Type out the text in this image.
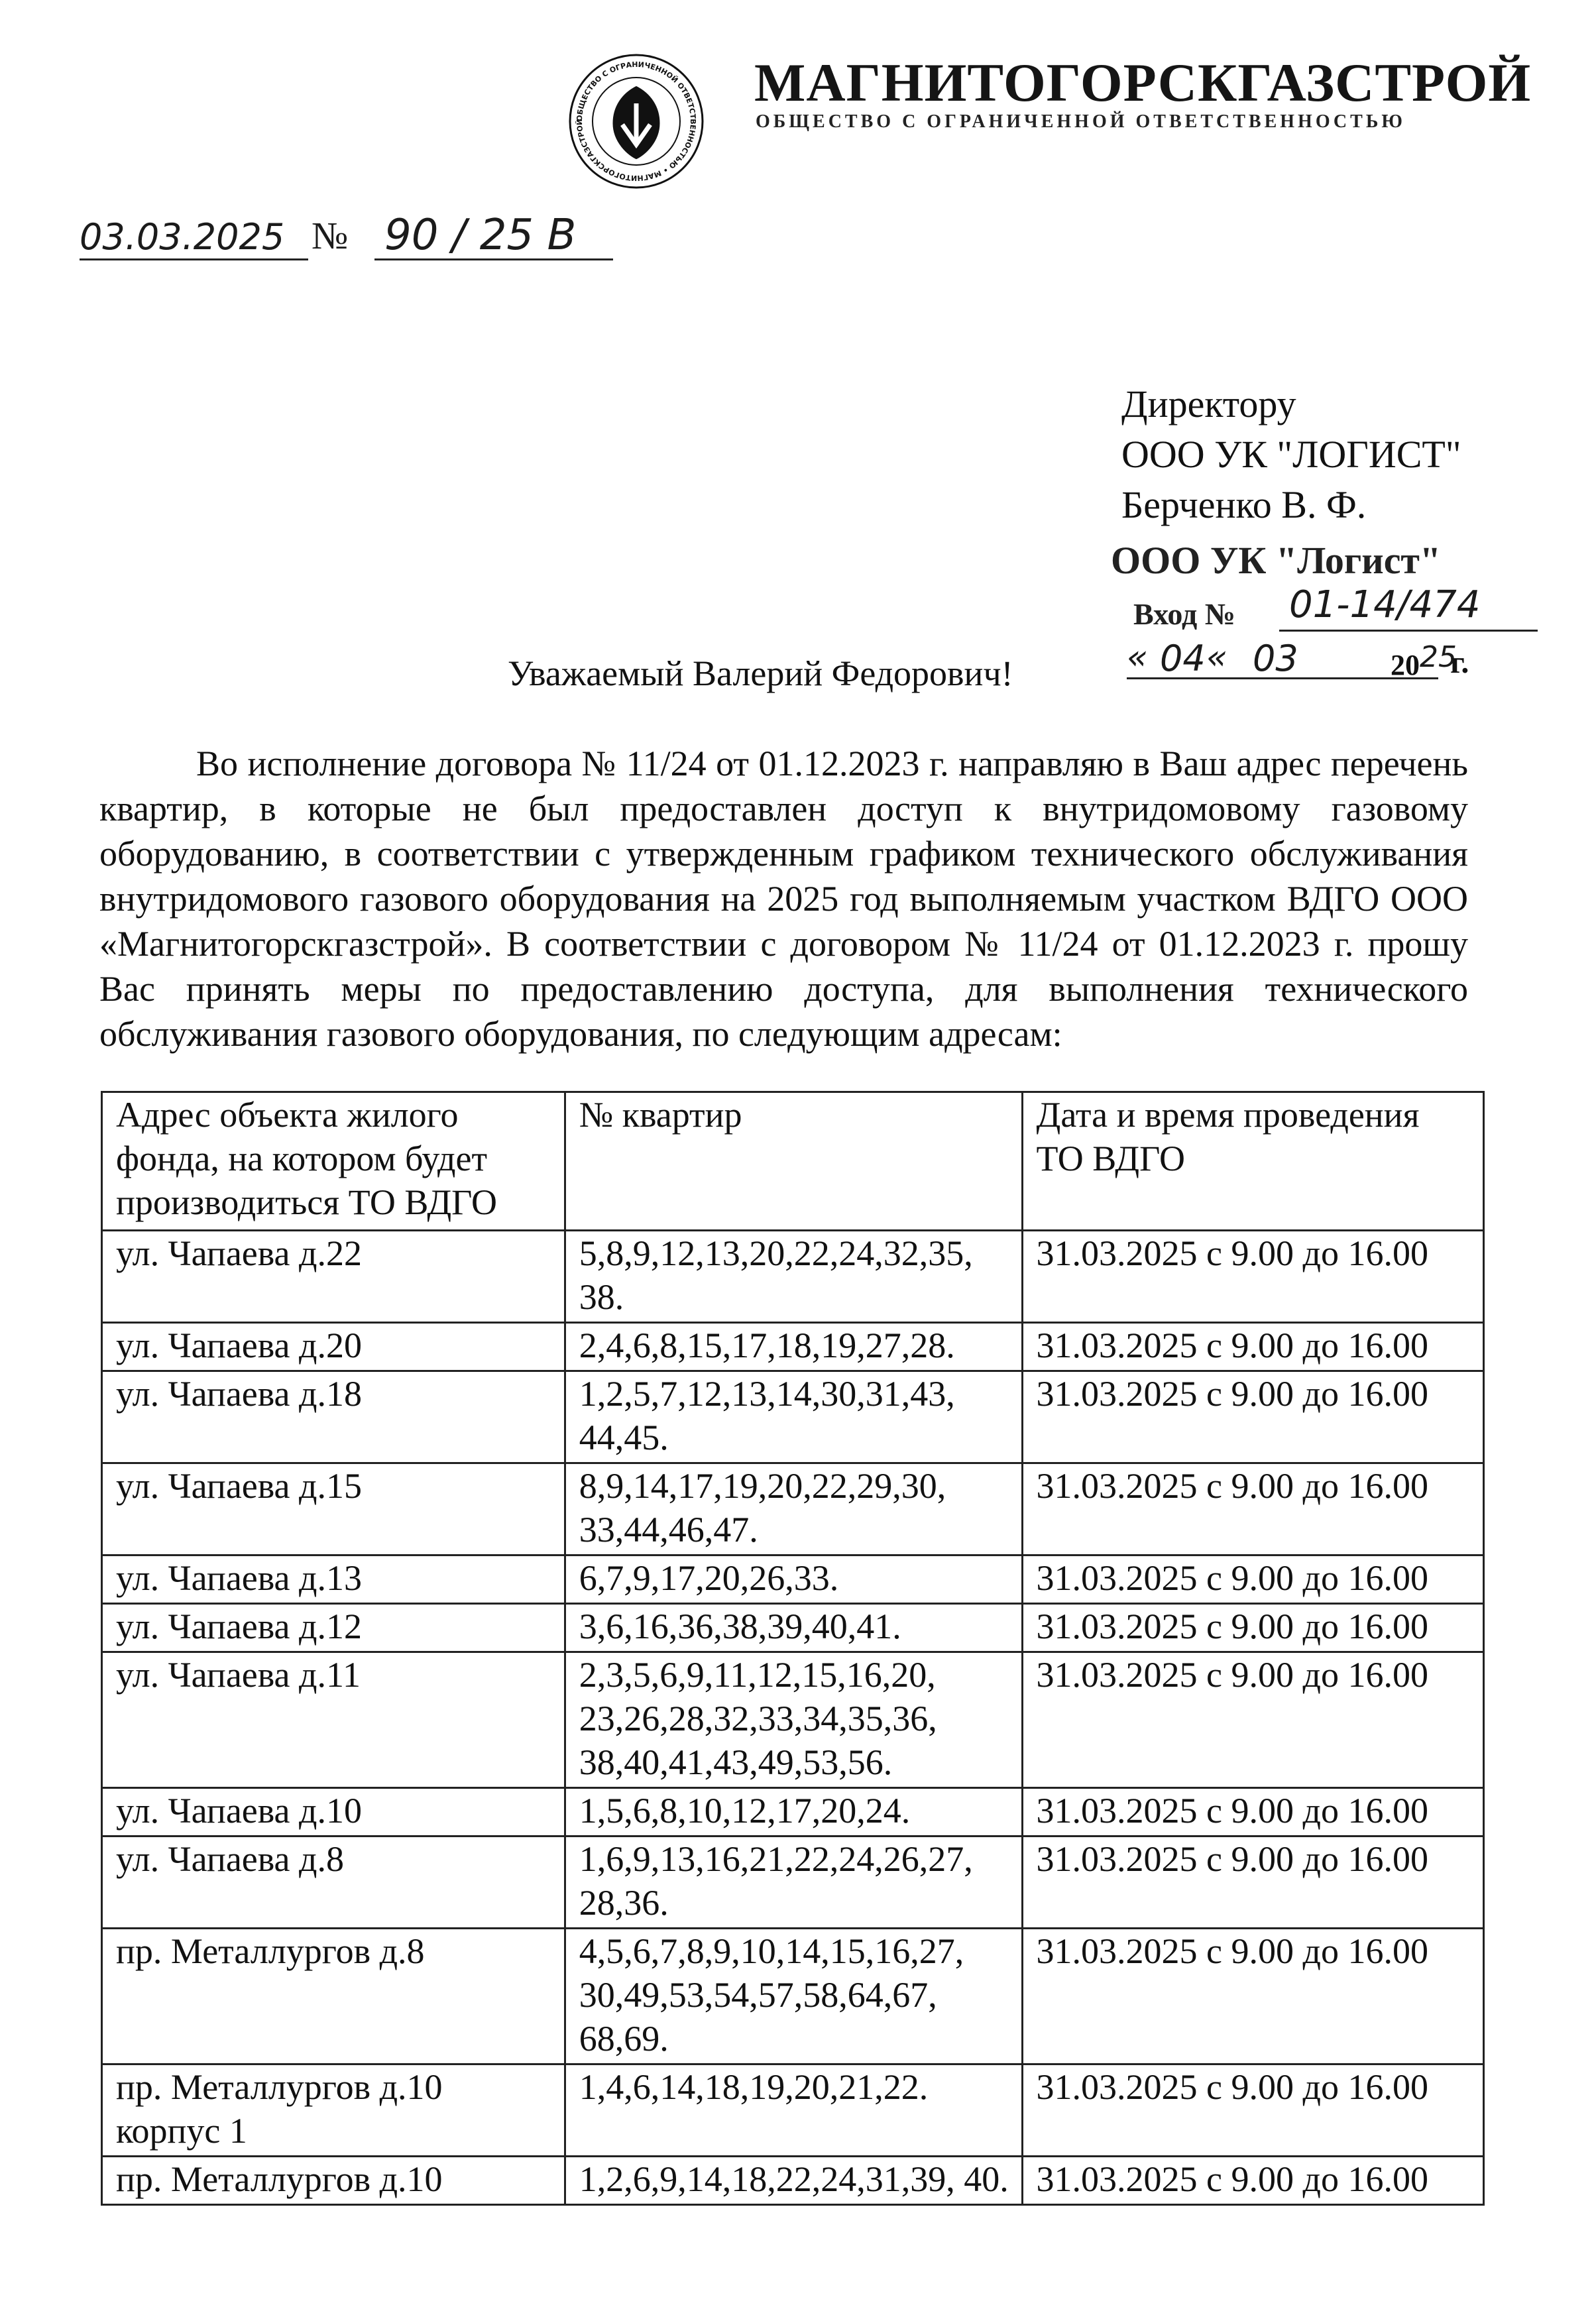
ОБЩЕСТВО С ОГРАНИЧЕННОЙ ОТВЕТСТВЕННОСТЬЮ • МАГНИТОГОРСКГАЗСТРОЙ
МАГНИТОГОРСКГАЗСТРОЙ
ОБЩЕСТВО С ОГРАНИЧЕННОЙ ОТВЕТСТВЕННОСТЬЮ
03.03.2025 № 90 / 25 В
Директору
ООО УК "ЛОГИСТ"
Берченко В. Ф.
ООО УК "Логист"
Вход № 01-14/474
« 04 « 03	20 25
г.
Уважаемый Валерий Федорович!
Во исполнение договора № 11/24 от 01.12.2023 г. направляю в Ваш адрес перечень квартир, в которые не был предоставлен доступ к внутридомовому газовому оборудованию, в соответствии с утвержденным графиком технического обслуживания внутридомового газового оборудования на 2025 год выполняемым участком ВДГО ООО «Магнитогорскгазстрой». В соответствии с договором № 11/24 от 01.12.2023 г. прошу Вас принять меры по предоставлению доступа, для выполнения технического обслуживания газового оборудования, по следующим адресам:
Адрес объекта жилого фонда, на котором будет производиться ТО ВДГО	№ квартир	Дата и время проведения ТО ВДГО
ул. Чапаева д.22	5,8,9,12,13,20,22,24,32,35, 38.	31.03.2025 с 9.00 до 16.00
ул. Чапаева д.20	2,4,6,8,15,17,18,19,27,28.	31.03.2025 с 9.00 до 16.00
ул. Чапаева д.18	1,2,5,7,12,13,14,30,31,43, 44,45.	31.03.2025 с 9.00 до 16.00
ул. Чапаева д.15	8,9,14,17,19,20,22,29,30, 33,44,46,47.	31.03.2025 с 9.00 до 16.00
ул. Чапаева д.13	6,7,9,17,20,26,33.	31.03.2025 с 9.00 до 16.00
ул. Чапаева д.12	3,6,16,36,38,39,40,41.	31.03.2025 с 9.00 до 16.00
ул. Чапаева д.11	2,3,5,6,9,11,12,15,16,20, 23,26,28,32,33,34,35,36, 38,40,41,43,49,53,56.	31.03.2025 с 9.00 до 16.00
ул. Чапаева д.10	1,5,6,8,10,12,17,20,24.	31.03.2025 с 9.00 до 16.00
ул. Чапаева д.8	1,6,9,13,16,21,22,24,26,27, 28,36.	31.03.2025 с 9.00 до 16.00
пр. Металлургов д.8	4,5,6,7,8,9,10,14,15,16,27, 30,49,53,54,57,58,64,67, 68,69.	31.03.2025 с 9.00 до 16.00
пр. Металлургов д.10 корпус 1	1,4,6,14,18,19,20,21,22.	31.03.2025 с 9.00 до 16.00
пр. Металлургов д.10	1,2,6,9,14,18,22,24,31,39, 40.	31.03.2025 с 9.00 до 16.00
